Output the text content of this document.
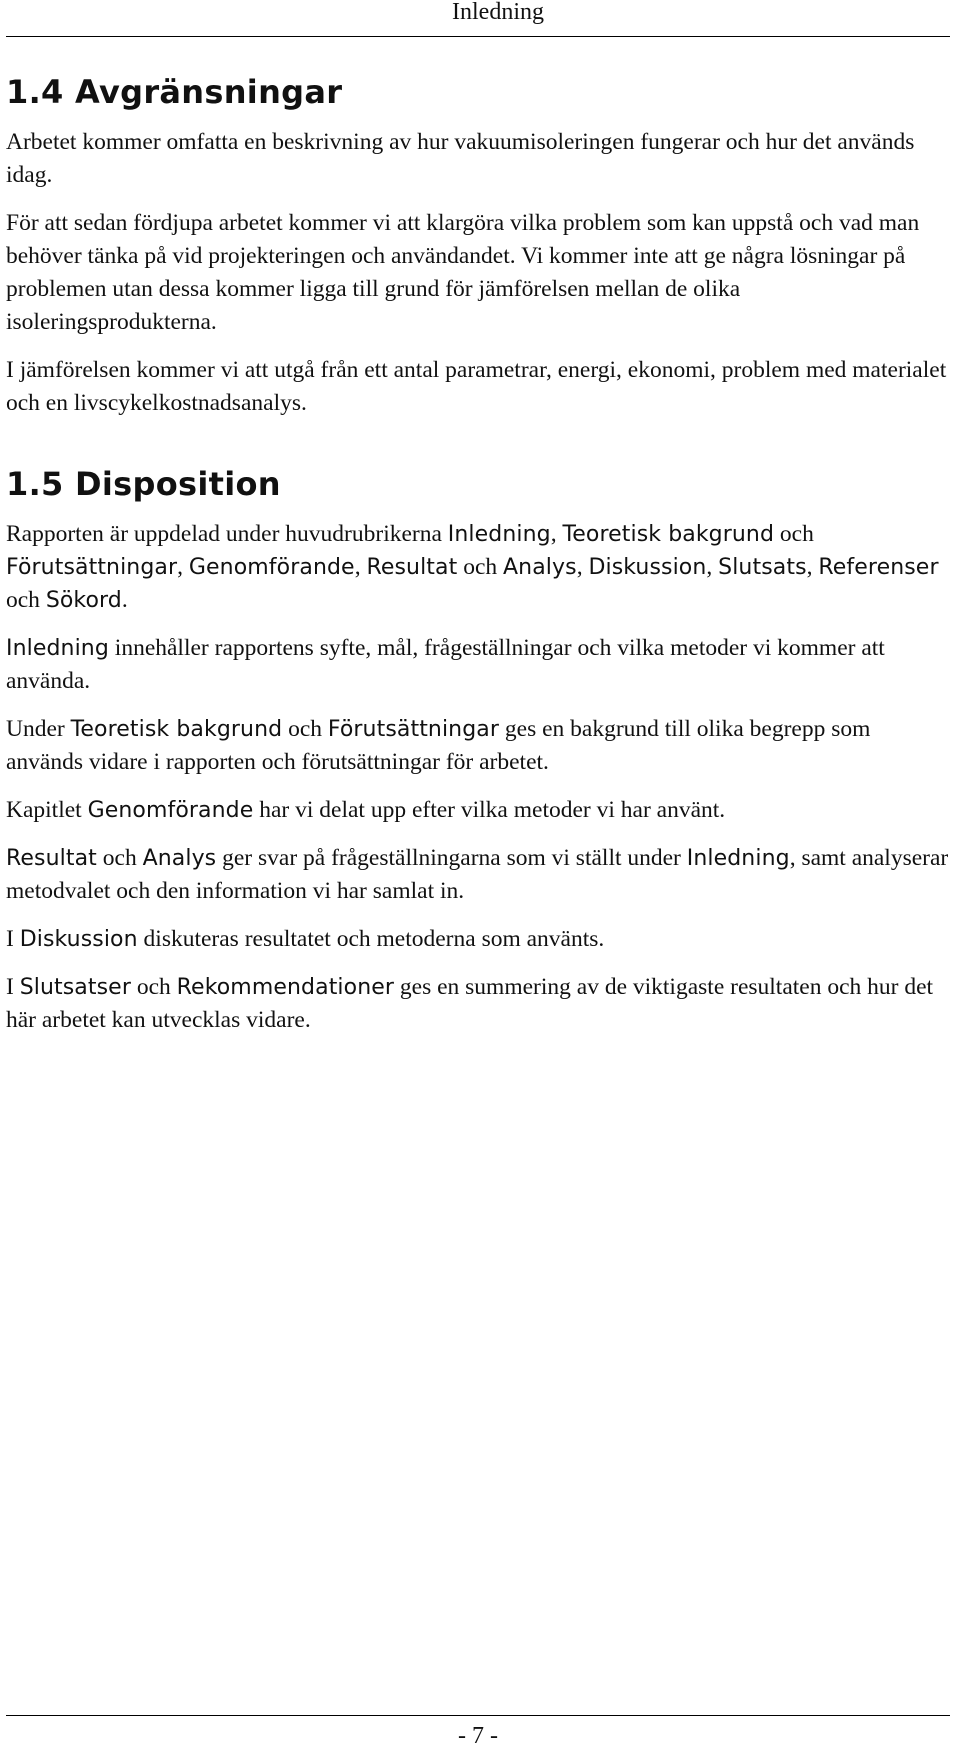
Inledning
1.4 Avgränsningar

Arbetet kommer omfatta en beskrivning av hur vakuumisoleringen fungerar och hur det används idag.

För att sedan fördjupa arbetet kommer vi att klargöra vilka problem som kan uppstå och vad man behöver tänka på vid projekteringen och användandet. Vi kommer inte att ge några lösningar på problemen utan dessa kommer ligga till grund för jämförelsen mellan de olika isoleringsprodukterna.

I jämförelsen kommer vi att utgå från ett antal parametrar, energi, ekonomi, problem med materialet och en livscykelkostnadsanalys.

1.5 Disposition

Rapporten är uppdelad under huvudrubrikerna Inledning, Teoretisk bakgrund och Förutsättningar, Genomförande, Resultat och Analys, Diskussion, Slutsats, Referenser och Sökord.

Inledning innehåller rapportens syfte, mål, frågeställningar och vilka metoder vi kommer att använda.

Under Teoretisk bakgrund och Förutsättningar ges en bakgrund till olika begrepp som används vidare i rapporten och förutsättningar för arbetet.

Kapitlet Genomförande har vi delat upp efter vilka metoder vi har använt.

Resultat och Analys ger svar på frågeställningarna som vi ställt under Inledning, samt analyserar metodvalet och den information vi har samlat in.

I Diskussion diskuteras resultatet och metoderna som använts.

I Slutsatser och Rekommendationer ges en summering av de viktigaste resultaten och hur det här arbetet kan utvecklas vidare.

- 7 -
